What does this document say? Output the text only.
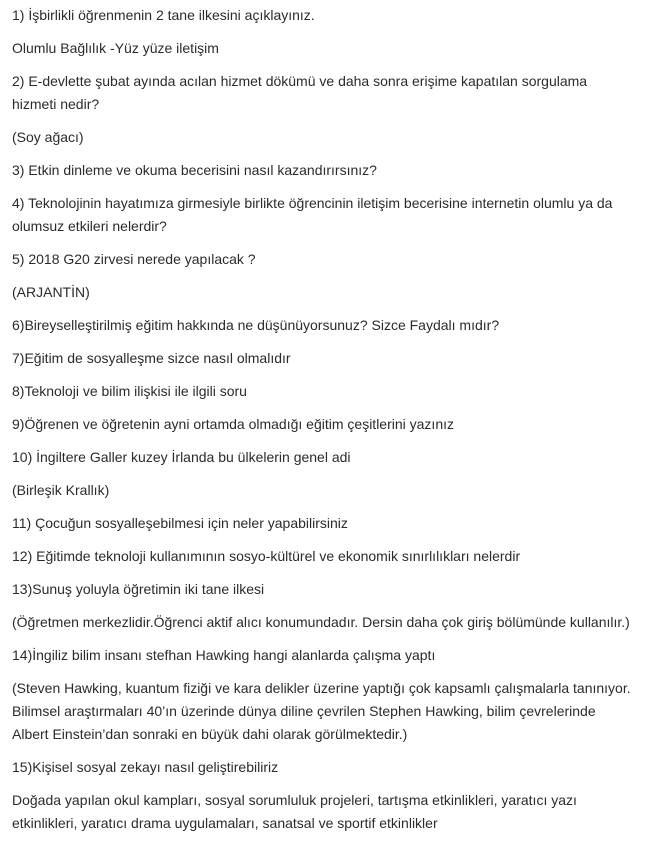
1) İşbirlikli öğrenmenin 2 tane ilkesini açıklayınız.

Olumlu Bağlılık -Yüz yüze iletişim

2) E-devlette şubat ayında acılan hizmet dökümü ve daha sonra erişime kapatılan sorgulama hizmeti nedir?

(Soy ağacı)

3) Etkin dinleme ve okuma becerisini nasıl kazandırırsınız?

4) Teknolojinin hayatımıza girmesiyle birlikte öğrencinin iletişim becerisine internetin olumlu ya da olumsuz etkileri nelerdir?

5) 2018 G20 zirvesi nerede yapılacak ?

(ARJANTİN)

6)Bireyselleştirilmiş eğitim hakkında ne düşünüyorsunuz? Sizce Faydalı mıdır?

7)Eğitim de sosyalleşme sizce nasıl olmalıdır

8)Teknoloji ve bilim ilişkisi ile ilgili soru

9)Öğrenen ve öğretenin ayni ortamda olmadığı eğitim çeşitlerini yazınız

10) İngiltere Galler kuzey İrlanda bu ülkelerin genel adi

(Birleşik Krallık)

11) Çocuğun sosyalleşebilmesi için neler yapabilirsiniz

12) Eğitimde teknoloji kullanımının sosyo-kültürel ve ekonomik sınırlılıkları nelerdir

13)Sunuş yoluyla öğretimin iki tane ilkesi

(Öğretmen merkezlidir.Öğrenci aktif alıcı konumundadır. Dersin daha çok giriş bölümünde kullanılır.)

14)İngiliz bilim insanı stefhan Hawking hangi alanlarda çalışma yaptı

(Steven Hawking, kuantum fiziği ve kara delikler üzerine yaptığı çok kapsamlı çalışmalarla tanınıyor. Bilimsel araştırmaları 40’ın üzerinde dünya diline çevrilen Stephen Hawking, bilim çevrelerinde Albert Einstein’dan sonraki en büyük dahi olarak görülmektedir.)

15)Kişisel sosyal zekayı nasıl geliştirebiliriz

Doğada yapılan okul kampları, sosyal sorumluluk projeleri, tartışma etkinlikleri, yaratıcı yazı etkinlikleri, yaratıcı drama uygulamaları, sanatsal ve sportif etkinlikler
